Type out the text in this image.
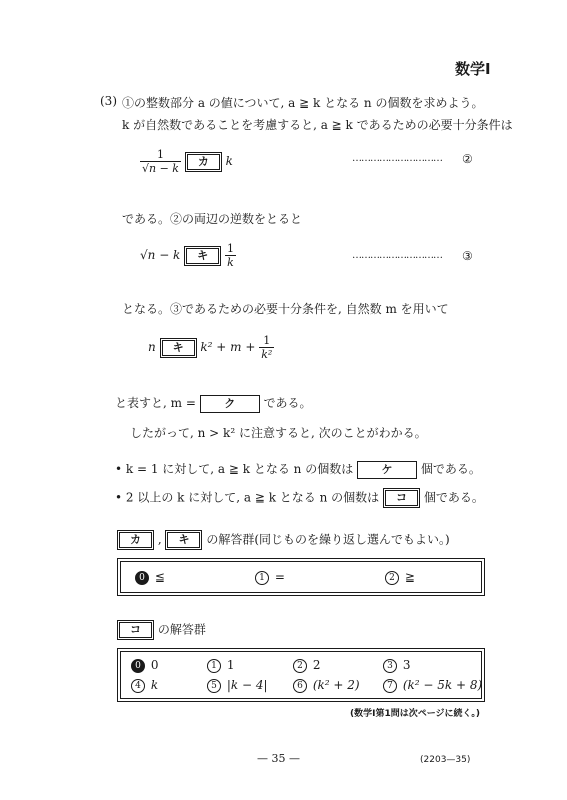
数学Ⅰ
(3) ①の整数部分 a の値について, a ≧ k となる n の個数を求めよう。
k が自然数であることを考慮すると, a ≧ k であるための必要十分条件は
$\frac{1}{√n - k}$ カ k	………………………… ②
である。②の両辺の逆数をとると
√n − k キ $\frac{1}{k}$	………………………… ③
となる。③であるための必要十分条件を, 自然数 m を用いて
n キ $k^2 + m + \frac{1}{\text{k²}}$
と表すと, m =	ク である。
したがって, n > k² に注意すると, 次のことがわかる。
• k = 1 に対して, a ≧ k となる n の個数は	ケ 個である。
• 2 以上の k に対して, a ≧ k となる n の個数は コ 個である。
カ , キ の解答群(同じものを繰り返し選んでもよい。)
0 ≦	1 =	2 ≧
コ の解答群
0 0	1 1	2 2	3 3
4 k	5 |k − 4|	6 (k² + 2)	7 (k² − 5k + 8)
(数学Ⅰ第1問は次ページに続く。)
— 35 —	(2203—35)
